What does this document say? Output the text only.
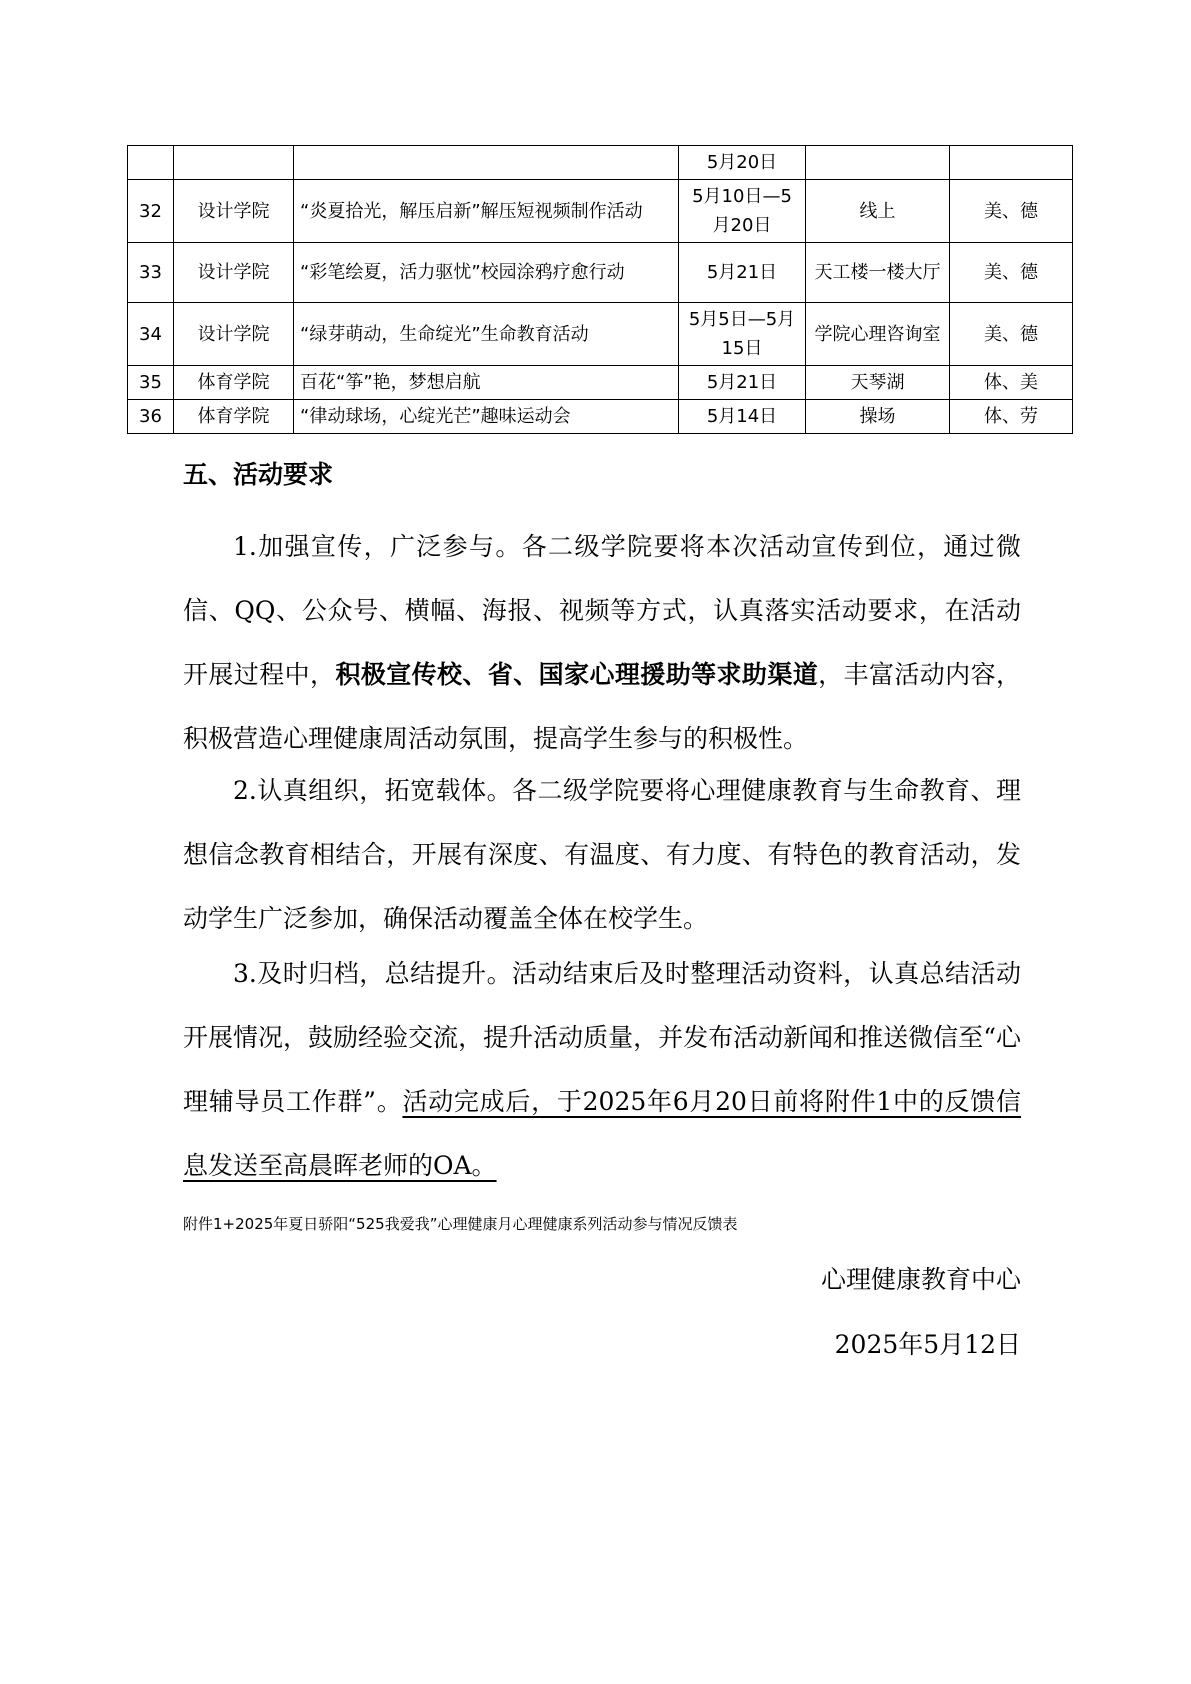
			5月20日		
32	设计学院	“炎夏拾光，解压启新”解压短视频制作活动	5月10日—5月20日	线上	美、德
33	设计学院	“彩笔绘夏，活力驱忧”校园涂鸦疗愈行动	5月21日	天工楼一楼大厅	美、德
34	设计学院	“绿芽萌动，生命绽光”生命教育活动	5月5日—5月15日	学院心理咨询室	美、德
35	体育学院	百花“筝”艳，梦想启航	5月21日	天琴湖	体、美
36	体育学院	“律动球场，心绽光芒”趣味运动会	5月14日	操场	体、劳
五、活动要求

1.加强宣传，广泛参与。各二级学院要将本次活动宣传到位，通过微信、QQ、公众号、横幅、海报、视频等方式，认真落实活动要求，在活动开展过程中，积极宣传校、省、国家心理援助等求助渠道，丰富活动内容，积极营造心理健康周活动氛围，提高学生参与的积极性。

2.认真组织，拓宽载体。各二级学院要将心理健康教育与生命教育、理想信念教育相结合，开展有深度、有温度、有力度、有特色的教育活动，发动学生广泛参加，确保活动覆盖全体在校学生。

3.及时归档，总结提升。活动结束后及时整理活动资料，认真总结活动开展情况，鼓励经验交流，提升活动质量，并发布活动新闻和推送微信至“心理辅导员工作群”。活动完成后，于2025年6月20日前将附件1中的反馈信息发送至高晨晖老师的OA。

附件1+2025年夏日骄阳“525我爱我”心理健康月心理健康系列活动参与情况反馈表

心理健康教育中心

2025年5月12日
